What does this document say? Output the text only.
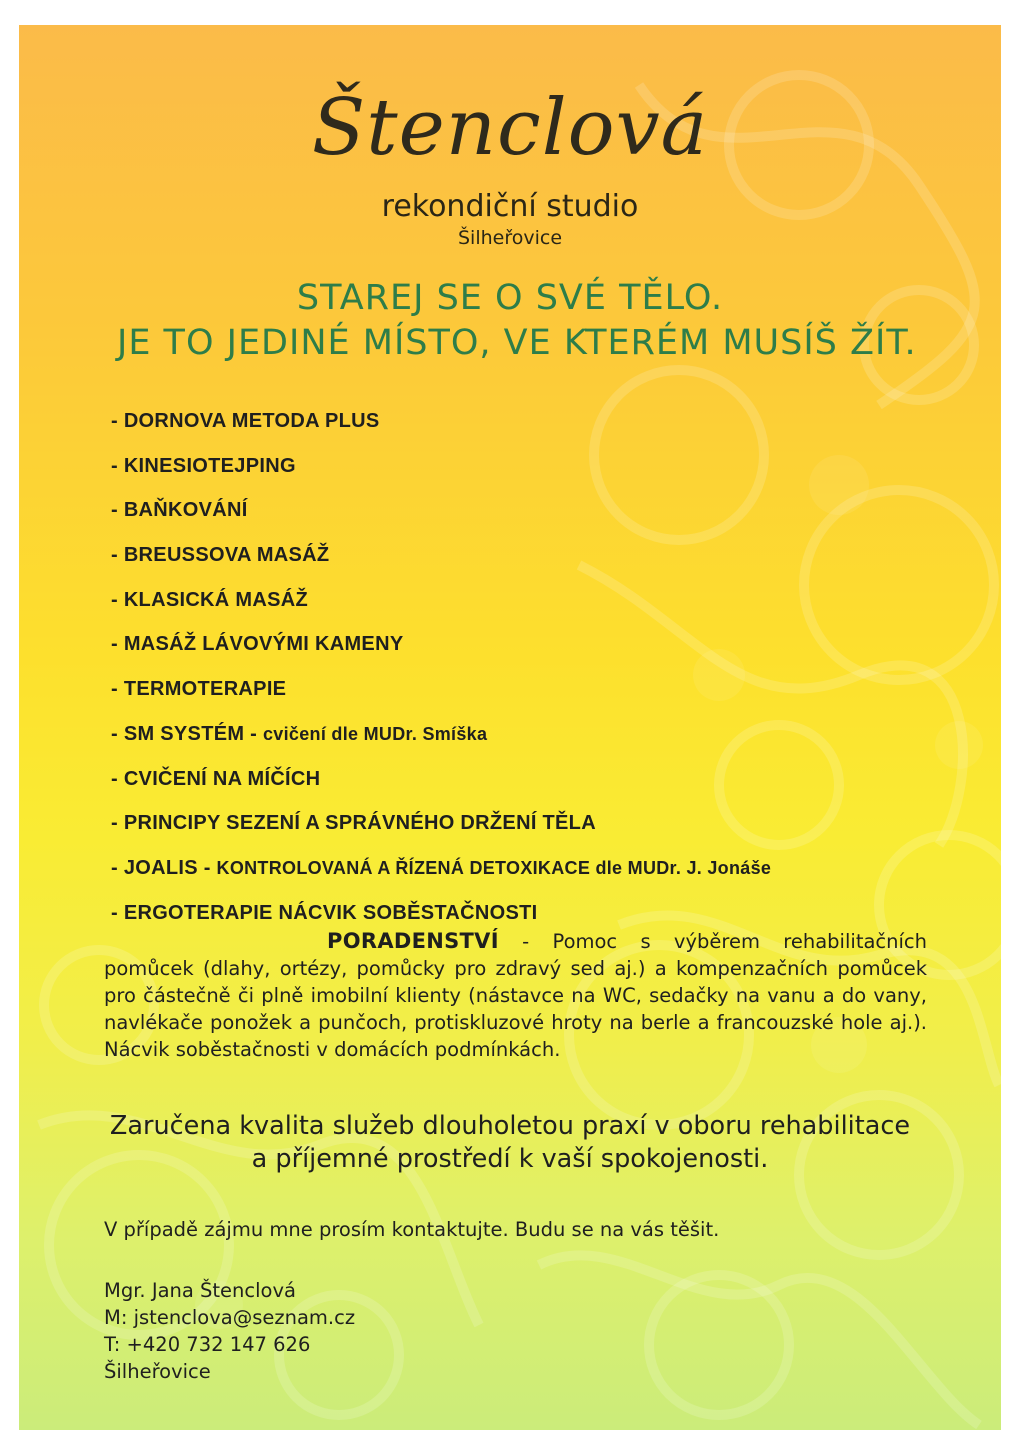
Štenclová
rekondiční studio
Šilheřovice
STAREJ SE O SVÉ TĚLO.
JE TO JEDINÉ MÍSTO, VE KTERÉM MUSÍŠ ŽÍT.
- DORNOVA METODA PLUS
- KINESIOTEJPING
- BAŇKOVÁNÍ
- BREUSSOVA MASÁŽ
- KLASICKÁ MASÁŽ
- MASÁŽ LÁVOVÝMI KAMENY
- TERMOTERAPIE
- SM SYSTÉM - cvičení dle MUDr. Smíška
- CVIČENÍ NA MÍČÍCH
- PRINCIPY SEZENÍ A SPRÁVNÉHO DRŽENÍ TĚLA
- JOALIS - KONTROLOVANÁ A ŘÍZENÁ DETOXIKACE dle MUDr. J. Jonáše
- ERGOTERAPIE NÁCVIK SOBĚSTAČNOSTI
PORADENSTVÍ - Pomoc s výběrem rehabilitačních pomůcek (dlahy, ortézy, pomůcky pro zdravý sed aj.) a kompenzačních pomůcek pro částečně či plně imobilní klienty (nástavce na WC, sedačky na vanu a do vany, navlékače ponožek a punčoch, protiskluzové hroty na berle a francouzské hole aj.). Nácvik soběstačnosti v domácích podmínkách.
Zaručena kvalita služeb dlouholetou praxí v oboru rehabilitace
a příjemné prostředí k vaší spokojenosti.
V případě zájmu mne prosím kontaktujte. Budu se na vás těšit.
Mgr. Jana Štenclová
M: jstenclova@seznam.cz
T: +420 732 147 626
Šilheřovice
